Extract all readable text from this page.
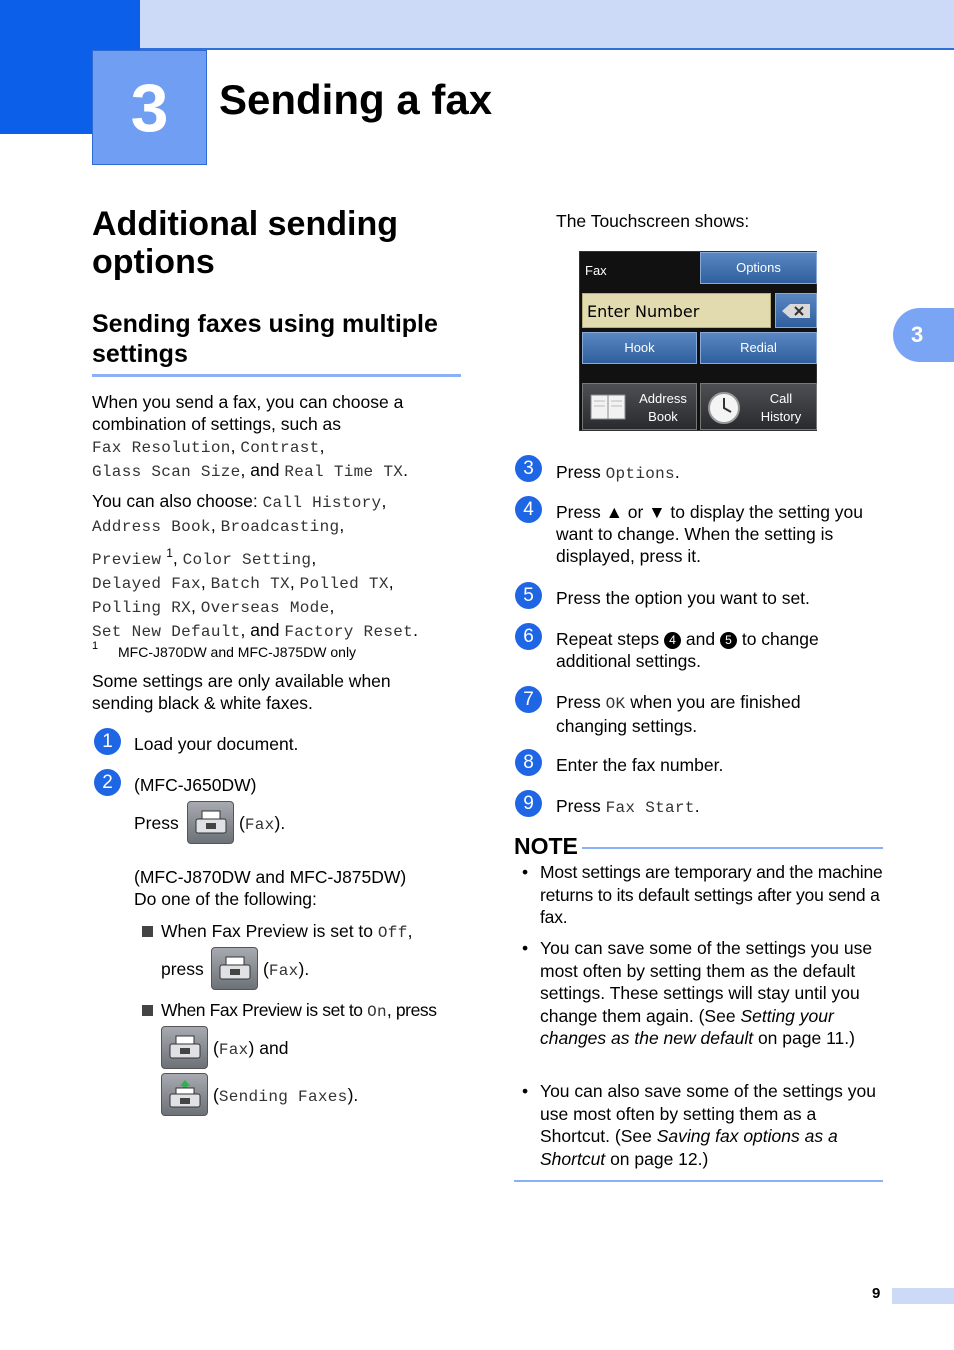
3 Sending a fax
3
Additional sending options
Sending faxes using multiple settings
When you send a fax, you can choose a
combination of settings, such as
Fax Resolution, Contrast,
Glass Scan Size, and Real Time TX.
You can also choose: Call History,
Address Book, Broadcasting,
Preview $^1$, Color Setting,
Delayed Fax, Batch TX, Polled TX,
Polling RX, Overseas Mode,
Set New Default, and Factory Reset.
1 MFC-J870DW and MFC-J875DW only
Some settings are only available when
sending black & white faxes.
1	Load your document.
2	(MFC-J650DW)
Press	(Fax).
(MFC-J870DW and MFC-J875DW)
Do one of the following:
When Fax Preview is set to Off,
press	(Fax).
When Fax Preview is set to On, press
(Fax) and
(Sending Faxes).
The Touchscreen shows:
Fax	Options
Enter Number
Hook	Redial
Address
Book
Call
History
3	Press Options.
4	Press ▲ or ▼ to display the setting you
want to change. When the setting is
displayed, press it.
5	Press the option you want to set.
6	Repeat steps 4 and 5 to change
additional settings.
7	Press OK when you are finished
changing settings.
8	Enter the fax number.
9	Press Fax Start.
NOTE
• Most settings are temporary and the machine returns to its default settings after you send a fax.
• You can save some of the settings you use most often by setting them as the default settings. These settings will stay until you change them again. (See Setting your changes as the new default on page 11.)
• You can also save some of the settings you use most often by setting them as a Shortcut. (See Saving fax options as a Shortcut on page 12.)
9
